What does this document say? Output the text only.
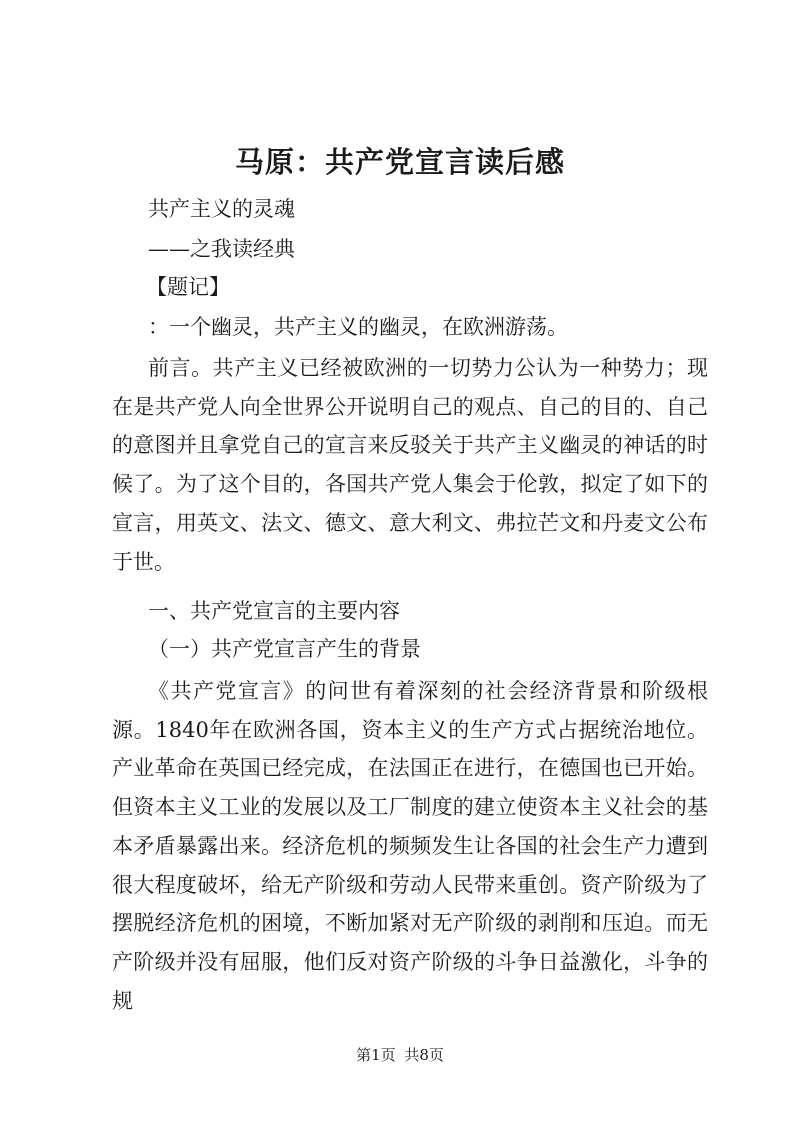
马原：共产党宣言读后感
共产主义的灵魂
——之我读经典
【题记】
：一个幽灵，共产主义的幽灵，在欧洲游荡。
前言。共产主义已经被欧洲的一切势力公认为一种势力；现在是共产党人向全世界公开说明自己的观点、自己的目的、自己的意图并且拿党自己的宣言来反驳关于共产主义幽灵的神话的时候了。为了这个目的，各国共产党人集会于伦敦，拟定了如下的宣言，用英文、法文、德文、意大利文、弗拉芒文和丹麦文公布于世。
一、共产党宣言的主要内容
（一）共产党宣言产生的背景
《共产党宣言》的问世有着深刻的社会经济背景和阶级根源。1840年在欧洲各国，资本主义的生产方式占据统治地位。产业革命在英国已经完成，在法国正在进行，在德国也已开始。但资本主义工业的发展以及工厂制度的建立使资本主义社会的基本矛盾暴露出来。经济危机的频频发生让各国的社会生产力遭到很大程度破坏，给无产阶级和劳动人民带来重创。资产阶级为了摆脱经济危机的困境，不断加紧对无产阶级的剥削和压迫。而无产阶级并没有屈服，他们反对资产阶级的斗争日益激化，斗争的规
第1页 共8页
